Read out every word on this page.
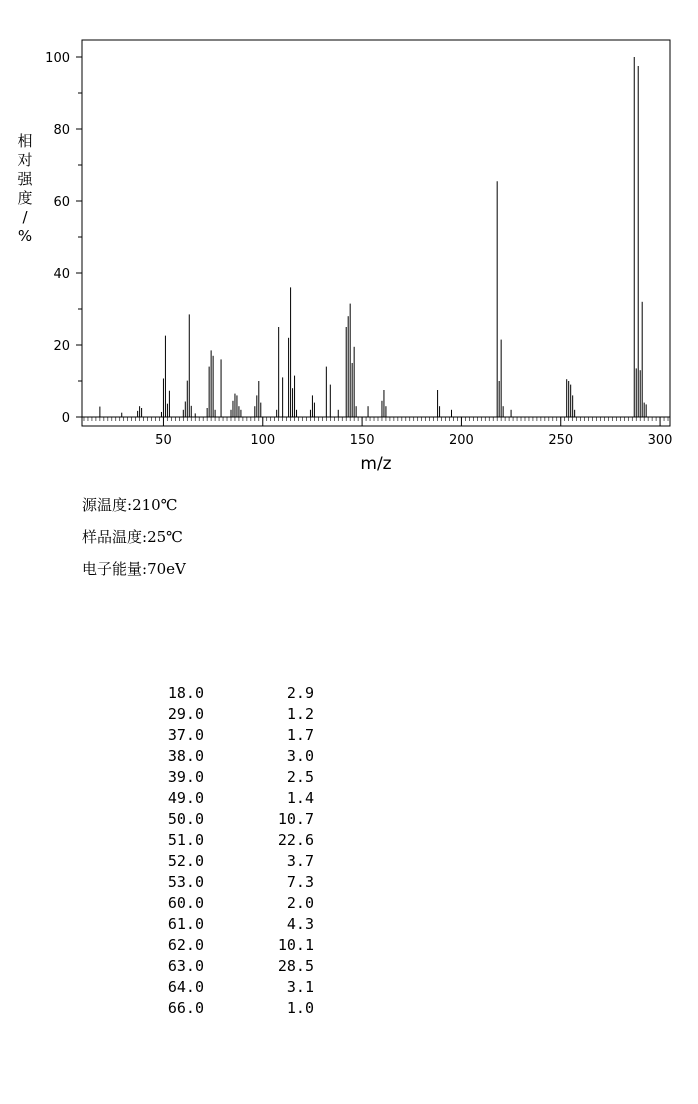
50	100	150	200	250	300
0
20
40
60
80
100
m/z
相
对
强
度
/
%
源温度:210℃
样品温度:25℃
电子能量:70eV
18.0	2.9
29.0	1.2
37.0	1.7
38.0	3.0
39.0	2.5
49.0	1.4
50.0	10.7
51.0	22.6
52.0	3.7
53.0	7.3
60.0	2.0
61.0	4.3
62.0	10.1
63.0	28.5
64.0	3.1
66.0	1.0
